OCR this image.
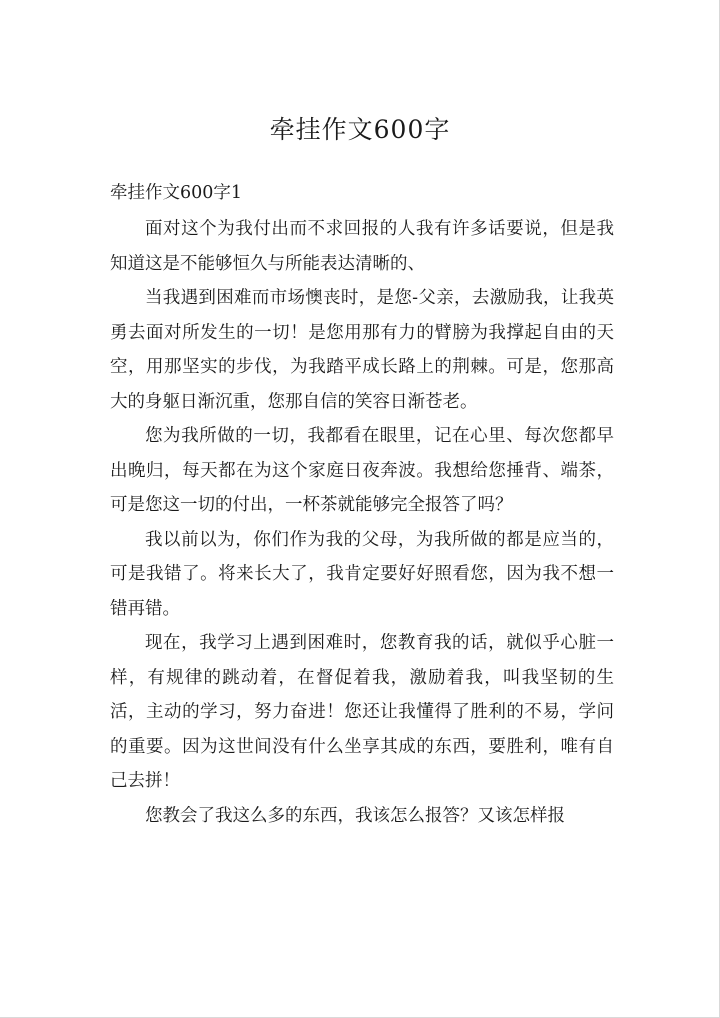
牵挂作文600字
牵挂作文600字1

面对这个为我付出而不求回报的人我有许多话要说，但是我知道这是不能够恒久与所能表达清晰的、

当我遇到困难而市场懊丧时，是您-父亲，去激励我，让我英勇去面对所发生的一切！是您用那有力的臂膀为我撑起自由的天空，用那坚实的步伐，为我踏平成长路上的荆棘。可是，您那高大的身躯日渐沉重，您那自信的笑容日渐苍老。

您为我所做的一切，我都看在眼里，记在心里、每次您都早出晚归，每天都在为这个家庭日夜奔波。我想给您捶背、端茶，可是您这一切的付出，一杯茶就能够完全报答了吗？

我以前以为，你们作为我的父母，为我所做的都是应当的，可是我错了。将来长大了，我肯定要好好照看您，因为我不想一错再错。

现在，我学习上遇到困难时，您教育我的话，就似乎心脏一样，有规律的跳动着，在督促着我，激励着我，叫我坚韧的生活，主动的学习，努力奋进！您还让我懂得了胜利的不易，学问的重要。因为这世间没有什么坐享其成的东西，要胜利，唯有自己去拼！

您教会了我这么多的东西，我该怎么报答？又该怎样报
